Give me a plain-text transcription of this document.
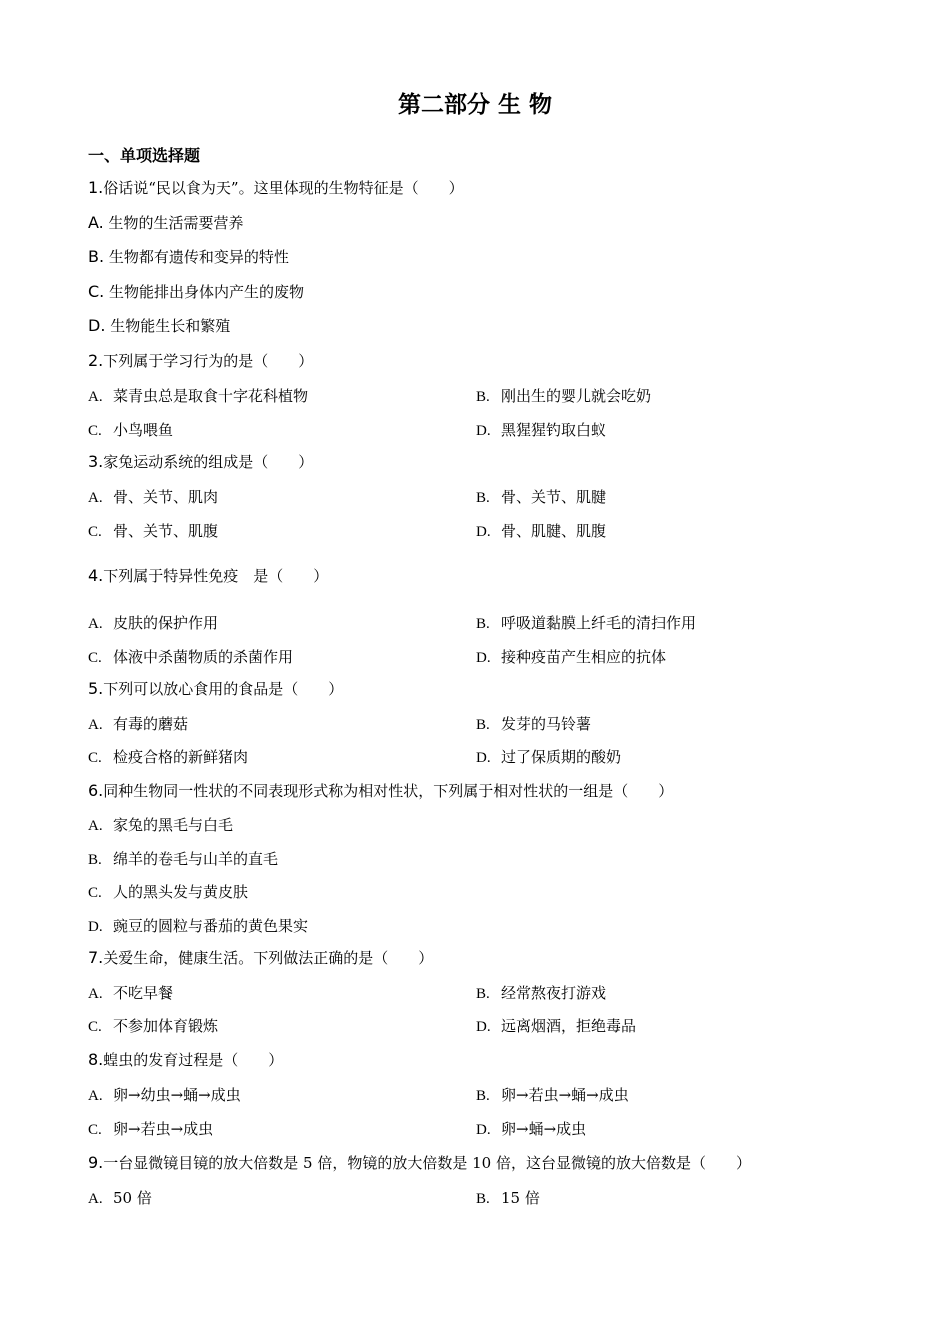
第二部分 生 物
一、单项选择题
1.俗话说“民以食为天”。这里体现的生物特征是（　　）
A. 生物的生活需要营养
B. 生物都有遗传和变异的特性
C. 生物能排出身体内产生的废物
D. 生物能生长和繁殖
2.下列属于学习行为的是（　　）
A. 菜青虫总是取食十字花科植物	B. 刚出生的婴儿就会吃奶
C. 小鸟喂鱼	D. 黑猩猩钓取白蚁
3.家兔运动系统的组成是（　　）
A. 骨、关节、肌肉	B. 骨、关节、肌腱
C. 骨、关节、肌腹	D. 骨、肌腱、肌腹
4.下列属于特异性免疫　是（　　）
A. 皮肤的保护作用	B. 呼吸道黏膜上纤毛的清扫作用
C. 体液中杀菌物质的杀菌作用	D. 接种疫苗产生相应的抗体
5.下列可以放心食用的食品是（　　）
A. 有毒的蘑菇	B. 发芽的马铃薯
C. 检疫合格的新鲜猪肉	D. 过了保质期的酸奶
6.同种生物同一性状的不同表现形式称为相对性状，下列属于相对性状的一组是（　　）
A. 家兔的黑毛与白毛
B. 绵羊的卷毛与山羊的直毛
C. 人的黑头发与黄皮肤
D. 豌豆的圆粒与番茄的黄色果实
7.关爱生命，健康生活。下列做法正确的是（　　）
A. 不吃早餐	B. 经常熬夜打游戏
C. 不参加体育锻炼	D. 远离烟酒，拒绝毒品
8.蝗虫的发育过程是（　　）
A. 卵→幼虫→蛹→成虫	B. 卵→若虫→蛹→成虫
C. 卵→若虫→成虫	D. 卵→蛹→成虫
9.一台显微镜目镜的放大倍数是 5 倍，物镜的放大倍数是 10 倍，这台显微镜的放大倍数是（　　）
A. 50 倍	B. 15 倍
